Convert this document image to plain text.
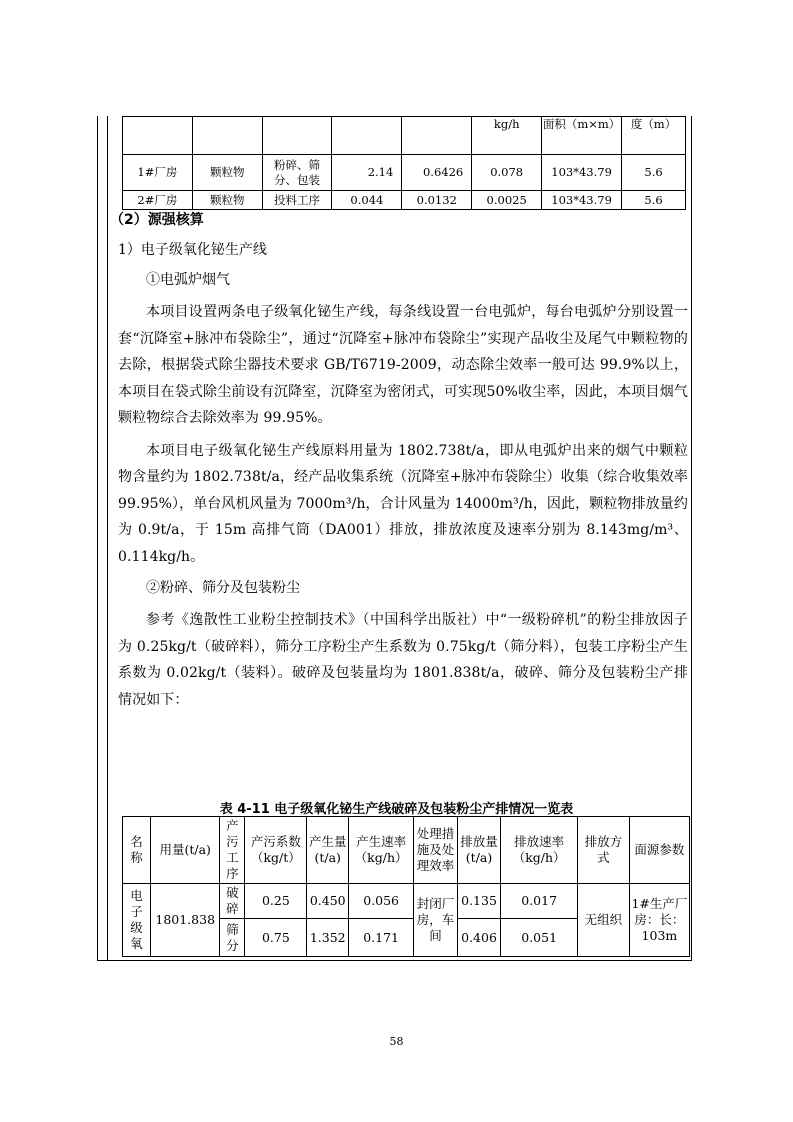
					kg/h	面积（m×m）	度（m）
1#厂房	颗粒物	粉碎、筛分、包装	2.14	0.6426	0.078	103*43.79	5.6
2#厂房	颗粒物	投料工序	0.044	0.0132	0.0025	103*43.79	5.6

（2）源强核算

1）电子级氧化铋生产线

①电弧炉烟气

本项目设置两条电子级氧化铋生产线，每条线设置一台电弧炉，每台电弧炉分别设置一套“沉降室+脉冲布袋除尘”，通过“沉降室+脉冲布袋除尘”实现产品收尘及尾气中颗粒物的去除，根据袋式除尘器技术要求 GB/T6719-2009，动态除尘效率一般可达 99.9%以上，本项目在袋式除尘前设有沉降室，沉降室为密闭式，可实现50%收尘率，因此，本项目烟气颗粒物综合去除效率为 99.95%。

本项目电子级氧化铋生产线原料用量为 1802.738t/a，即从电弧炉出来的烟气中颗粒物含量约为 1802.738t/a，经产品收集系统（沉降室+脉冲布袋除尘）收集（综合收集效率 99.95%），单台风机风量为 7000m³/h，合计风量为 14000m³/h，因此，颗粒物排放量约为 0.9t/a，于 15m 高排气筒（DA001）排放，排放浓度及速率分别为 8.143mg/m³、0.114kg/h。

②粉碎、筛分及包装粉尘

参考《逸散性工业粉尘控制技术》（中国科学出版社）中“一级粉碎机”的粉尘排放因子为 0.25kg/t（破碎料），筛分工序粉尘产生系数为 0.75kg/t（筛分料），包装工序粉尘产生系数为 0.02kg/t（装料）。破碎及包装量均为 1801.838t/a，破碎、筛分及包装粉尘产排情况如下：

表 4-11 电子级氧化铋生产线破碎及包装粉尘产排情况一览表
名称	用量(t/a)	产污工序	产污系数（kg/t）	产生量(t/a)	产生速率（kg/h）	处理措施及处理效率	排放量(t/a)	排放速率（kg/h）	排放方式	面源参数
电子级氧	1801.838	破碎	0.25	0.450	0.056	封闭厂房，车间	0.135	0.017	无组织	1#生产厂房：长：103m
		筛分	0.75	1.352	0.171		0.406	0.051		
58
